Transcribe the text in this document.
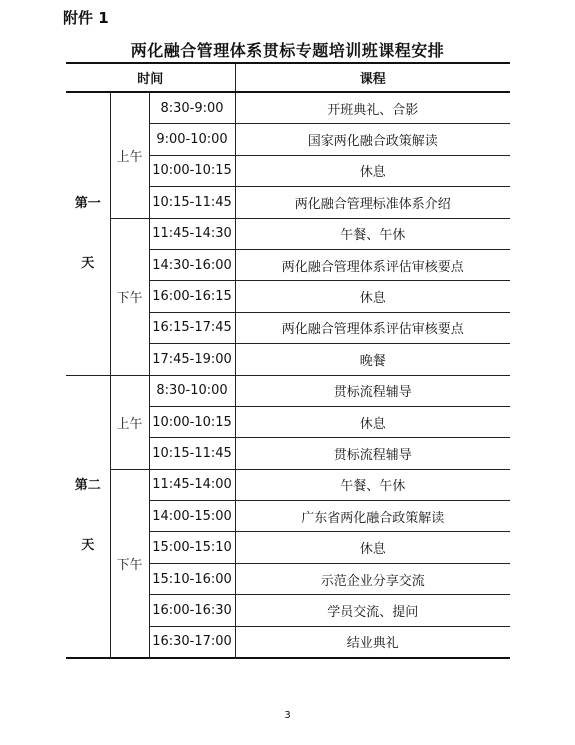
附件 1
两化融合管理体系贯标专题培训班课程安排
时间			课程

第一
天	上午	8:30-9:00	开班典礼、合影
		9:00-10:00	国家两化融合政策解读
		10:00-10:15	休息
		10:15-11:45	两化融合管理标准体系介绍
	下午	11:45-14:30	午餐、午休
		14:30-16:00	两化融合管理体系评估审核要点
		16:00-16:15	休息
		16:15-17:45	两化融合管理体系评估审核要点
		17:45-19:00	晚餐

第二
天	上午	8:30-10:00	贯标流程辅导
		10:00-10:15	休息
		10:15-11:45	贯标流程辅导
	下午	11:45-14:00	午餐、午休
		14:00-15:00	广东省两化融合政策解读
		15:00-15:10	休息
		15:10-16:00	示范企业分享交流
		16:00-16:30	学员交流、提问
		16:30-17:00	结业典礼
3
